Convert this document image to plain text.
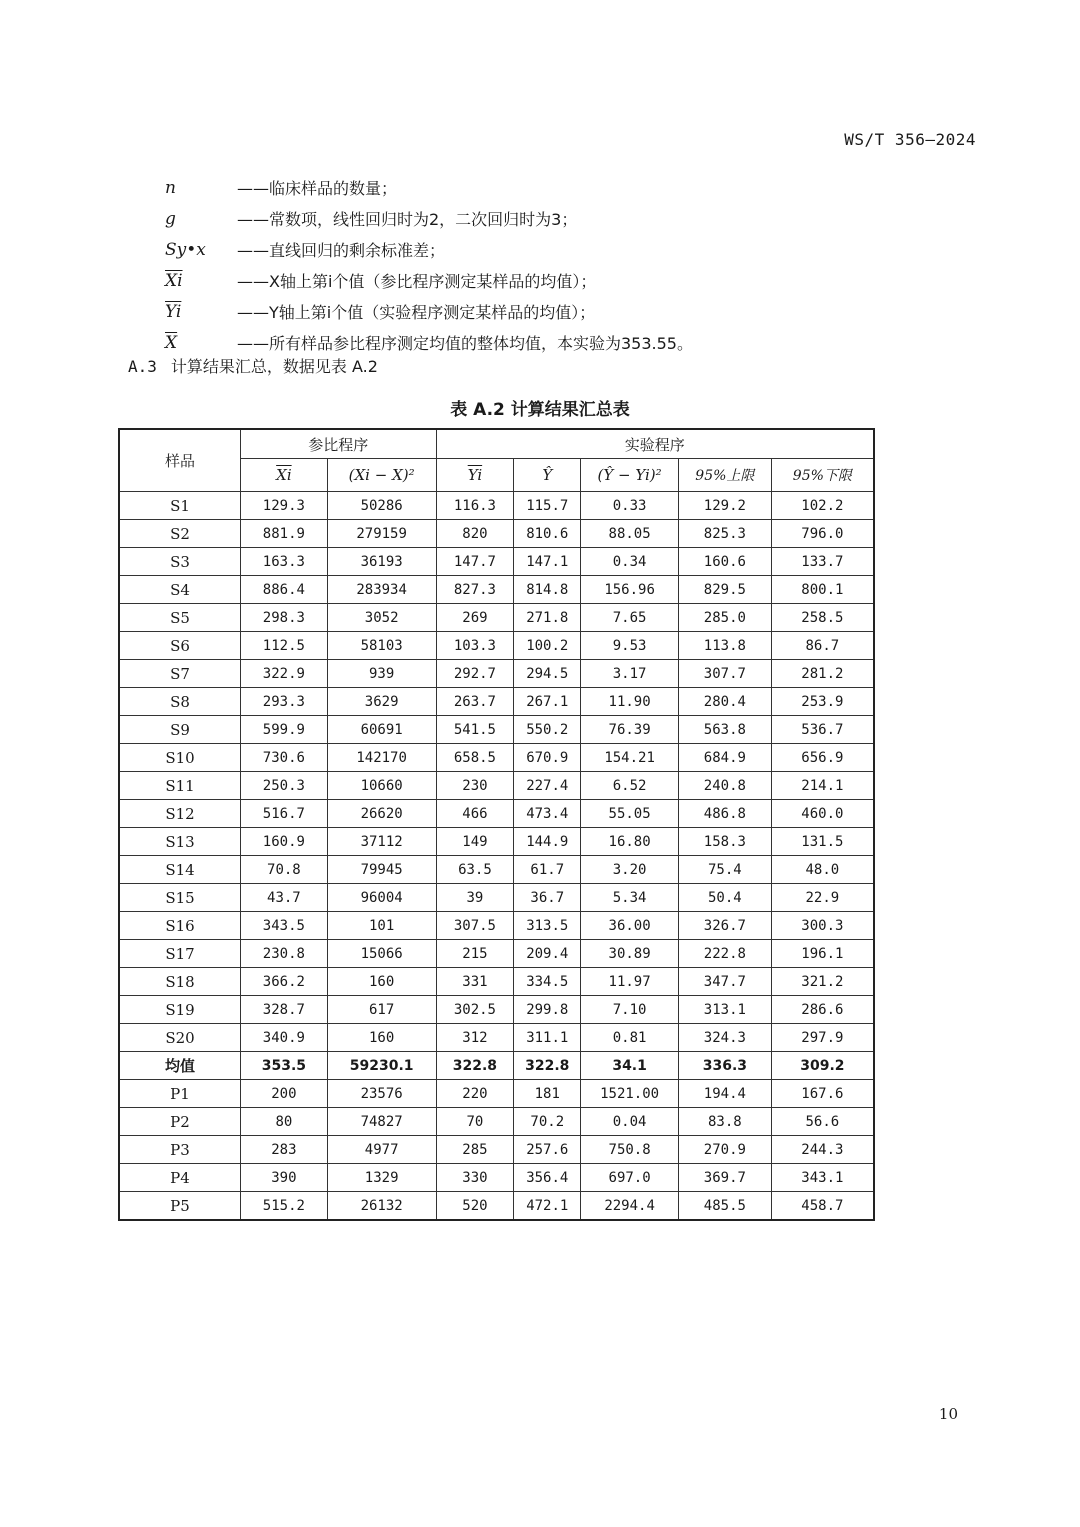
WS/T 356—2024
n	——临床样品的数量；
g	——常数项，线性回归时为2，二次回归时为3；
Sy•x	——直线回归的剩余标准差；
$\overline{Xi}$	——X轴上第i个值（参比程序测定某样品的均值）；
$\overline{Yi}$	——Y轴上第i个值（实验程序测定某样品的均值）；
$\overline{X}$	——所有样品参比程序测定均值的整体均值，本实验为353.55。
A.3 计算结果汇总，数据见表 A.2
表 A.2 计算结果汇总表
样品	参比程序		实验程序				
	$\overline{Xi}$	(Xi − X)²	$\overline{Yi}$	Ŷ	(Ŷ − Yi)²	95%上限	95%下限
S1	129.3	50286	116.3	115.7	0.33	129.2	102.2
S2	881.9	279159	820	810.6	88.05	825.3	796.0
S3	163.3	36193	147.7	147.1	0.34	160.6	133.7
S4	886.4	283934	827.3	814.8	156.96	829.5	800.1
S5	298.3	3052	269	271.8	7.65	285.0	258.5
S6	112.5	58103	103.3	100.2	9.53	113.8	86.7
S7	322.9	939	292.7	294.5	3.17	307.7	281.2
S8	293.3	3629	263.7	267.1	11.90	280.4	253.9
S9	599.9	60691	541.5	550.2	76.39	563.8	536.7
S10	730.6	142170	658.5	670.9	154.21	684.9	656.9
S11	250.3	10660	230	227.4	6.52	240.8	214.1
S12	516.7	26620	466	473.4	55.05	486.8	460.0
S13	160.9	37112	149	144.9	16.80	158.3	131.5
S14	70.8	79945	63.5	61.7	3.20	75.4	48.0
S15	43.7	96004	39	36.7	5.34	50.4	22.9
S16	343.5	101	307.5	313.5	36.00	326.7	300.3
S17	230.8	15066	215	209.4	30.89	222.8	196.1
S18	366.2	160	331	334.5	11.97	347.7	321.2
S19	328.7	617	302.5	299.8	7.10	313.1	286.6
S20	340.9	160	312	311.1	0.81	324.3	297.9
均值	353.5	59230.1	322.8	322.8	34.1	336.3	309.2
P1	200	23576	220	181	1521.00	194.4	167.6
P2	80	74827	70	70.2	0.04	83.8	56.6
P3	283	4977	285	257.6	750.8	270.9	244.3
P4	390	1329	330	356.4	697.0	369.7	343.1
P5	515.2	26132	520	472.1	2294.4	485.5	458.7
10
